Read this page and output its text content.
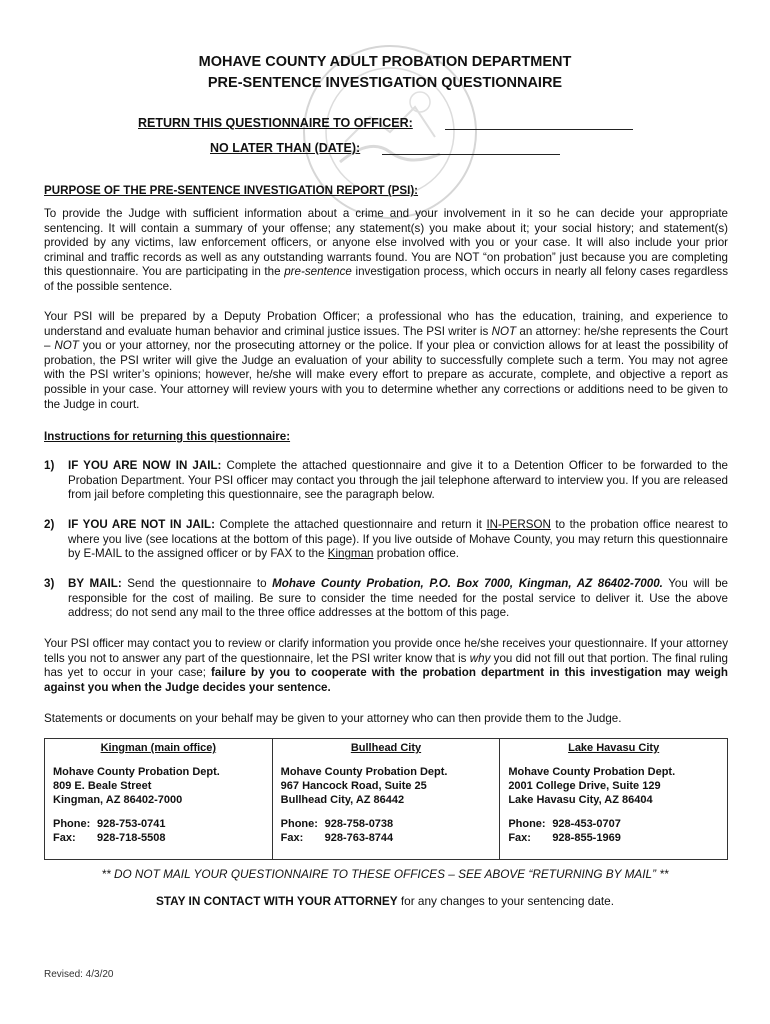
MOHAVE COUNTY ADULT PROBATION DEPARTMENT
PRE-SENTENCE INVESTIGATION QUESTIONNAIRE
RETURN THIS QUESTIONNAIRE TO OFFICER:
NO LATER THAN (DATE):
PURPOSE OF THE PRE-SENTENCE INVESTIGATION REPORT (PSI):
To provide the Judge with sufficient information about a crime and your involvement in it so he can decide your appropriate sentencing. It will contain a summary of your offense; any statement(s) you make about it; your social history; and statement(s) provided by any victims, law enforcement officers, or anyone else involved with you or your case. It will also include your prior criminal and traffic records as well as any outstanding warrants found. You are NOT “on probation” just because you are completing this questionnaire. You are participating in the pre-sentence investigation process, which occurs in nearly all felony cases regardless of the possible sentence.
Your PSI will be prepared by a Deputy Probation Officer; a professional who has the education, training, and experience to understand and evaluate human behavior and criminal justice issues. The PSI writer is NOT an attorney: he/she represents the Court – NOT you or your attorney, nor the prosecuting attorney or the police. If your plea or conviction allows for at least the possibility of probation, the PSI writer will give the Judge an evaluation of your ability to successfully complete such a term. You may not agree with the PSI writer’s opinions; however, he/she will make every effort to prepare as accurate, complete, and objective a report as possible in your case. Your attorney will review yours with you to determine whether any corrections or additions need to be given to the Judge in court.
Instructions for returning this questionnaire:
1) IF YOU ARE NOW IN JAIL: Complete the attached questionnaire and give it to a Detention Officer to be forwarded to the Probation Department. Your PSI officer may contact you through the jail telephone afterward to interview you. If you are released from jail before completing this questionnaire, see the paragraph below.
2) IF YOU ARE NOT IN JAIL: Complete the attached questionnaire and return it IN-PERSON to the probation office nearest to where you live (see locations at the bottom of this page). If you live outside of Mohave County, you may return this questionnaire by E-MAIL to the assigned officer or by FAX to the Kingman probation office.
3) BY MAIL: Send the questionnaire to Mohave County Probation, P.O. Box 7000, Kingman, AZ 86402-7000. You will be responsible for the cost of mailing. Be sure to consider the time needed for the postal service to deliver it. Use the above address; do not send any mail to the three office addresses at the bottom of this page.
Your PSI officer may contact you to review or clarify information you provide once he/she receives your questionnaire. If your attorney tells you not to answer any part of the questionnaire, let the PSI writer know that is why you did not fill out that portion. The final ruling has yet to occur in your case; failure by you to cooperate with the probation department in this investigation may weigh against you when the Judge decides your sentence.
Statements or documents on your behalf may be given to your attorney who can then provide them to the Judge.
Kingman (main office)
Mohave County Probation Dept.
809 E. Beale Street
Kingman, AZ 86402-7000
Phone: 928-753-0741
Fax:	928-718-5508

Bullhead City
Mohave County Probation Dept.
967 Hancock Road, Suite 25
Bullhead City, AZ 86442
Phone: 928-758-0738
Fax:	928-763-8744

Lake Havasu City
Mohave County Probation Dept.
2001 College Drive, Suite 129
Lake Havasu City, AZ 86404
Phone: 928-453-0707
Fax:	928-855-1969
** DO NOT MAIL YOUR QUESTIONNAIRE TO THESE OFFICES – SEE ABOVE “RETURNING BY MAIL” **
STAY IN CONTACT WITH YOUR ATTORNEY for any changes to your sentencing date.
Revised: 4/3/20
